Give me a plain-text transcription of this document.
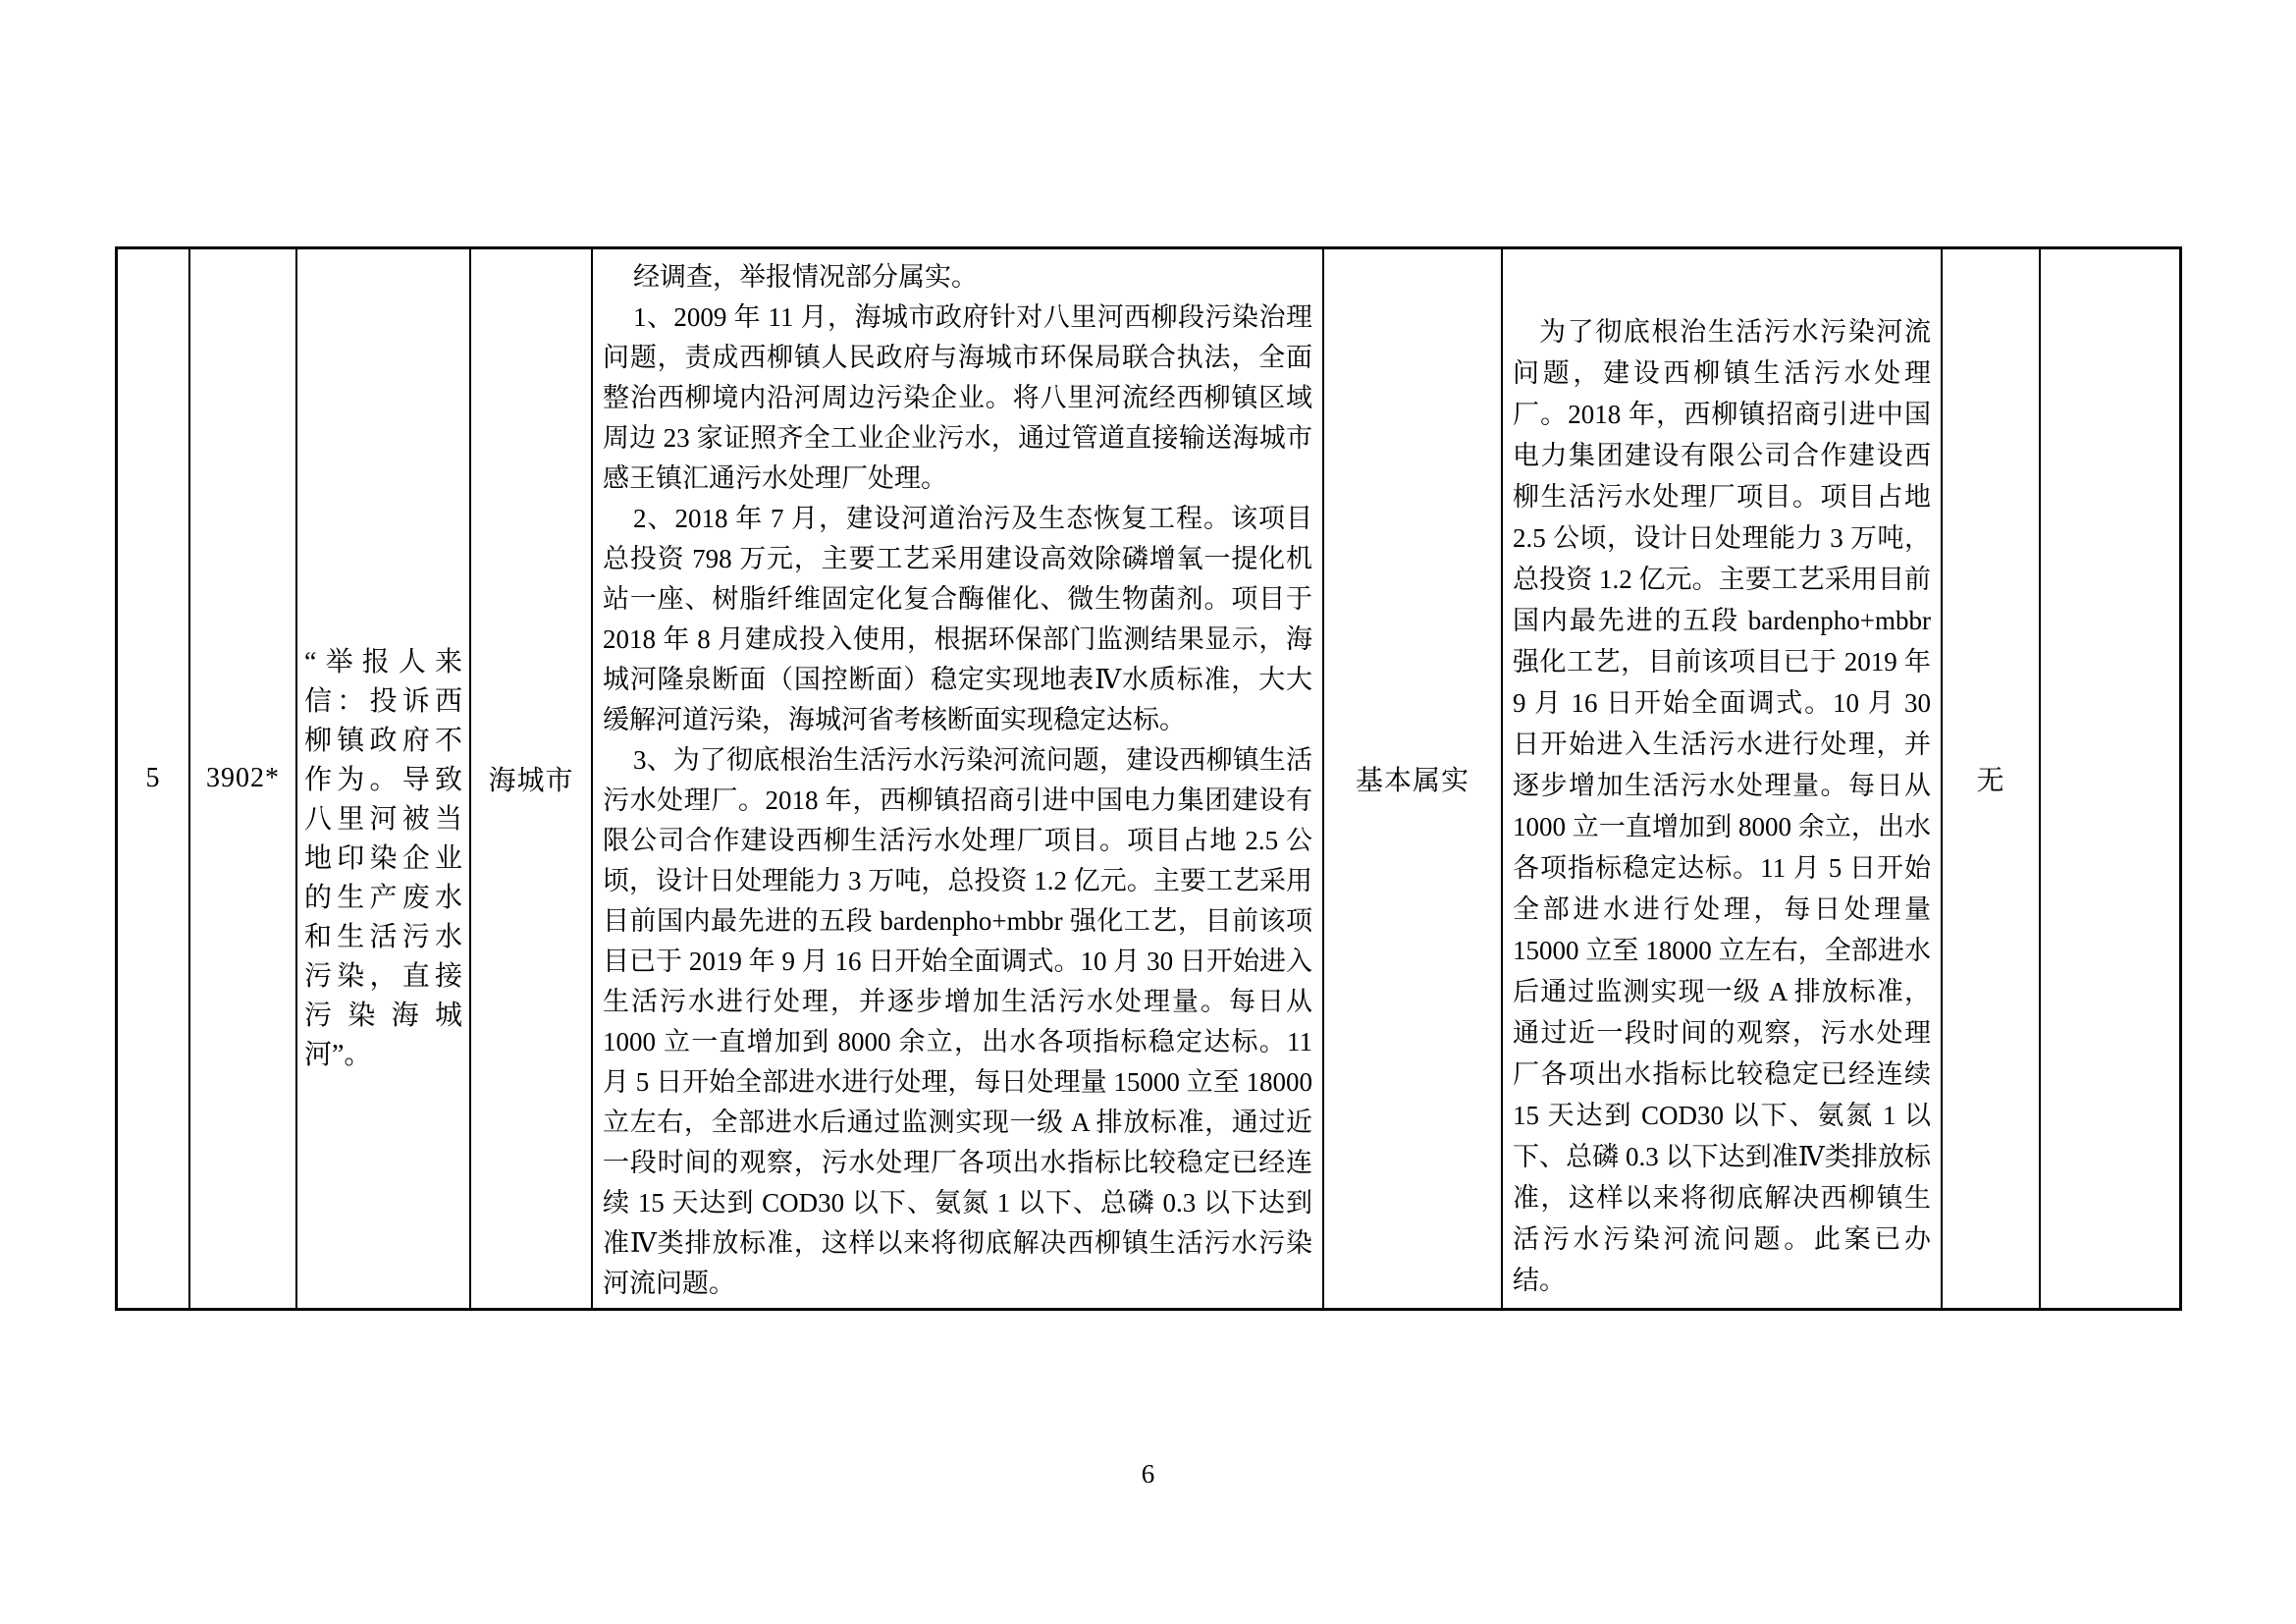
5 3902*

“举报人来信：投诉西柳镇政府不作为。导致八里河被当地印染企业的生产废水和生活污水污染，直接污染海城河”。

海城市

经调查，举报情况部分属实。

1、2009 年 11 月，海城市政府针对八里河西柳段污染治理问题，责成西柳镇人民政府与海城市环保局联合执法，全面整治西柳境内沿河周边污染企业。将八里河流经西柳镇区域周边 23 家证照齐全工业企业污水，通过管道直接输送海城市感王镇汇通污水处理厂处理。

2、2018 年 7 月，建设河道治污及生态恢复工程。该项目总投资 798 万元，主要工艺采用建设高效除磷增氧一提化机站一座、树脂纤维固定化复合酶催化、微生物菌剂。项目于 2018 年 8 月建成投入使用，根据环保部门监测结果显示，海城河隆泉断面（国控断面）稳定实现地表Ⅳ水质标准，大大缓解河道污染，海城河省考核断面实现稳定达标。

3、为了彻底根治生活污水污染河流问题，建设西柳镇生活污水处理厂。2018 年，西柳镇招商引进中国电力集团建设有限公司合作建设西柳生活污水处理厂项目。项目占地 2.5 公顷，设计日处理能力 3 万吨，总投资 1.2 亿元。主要工艺采用目前国内最先进的五段 bardenpho+mbbr 强化工艺，目前该项目已于 2019 年 9 月 16 日开始全面调式。10 月 30 日开始进入生活污水进行处理，并逐步增加生活污水处理量。每日从 1000 立一直增加到 8000 余立，出水各项指标稳定达标。11 月 5 日开始全部进水进行处理，每日处理量 15000 立至 18000 立左右，全部进水后通过监测实现一级 A 排放标准，通过近一段时间的观察，污水处理厂各项出水指标比较稳定已经连续 15 天达到 COD30 以下、氨氮 1 以下、总磷 0.3 以下达到准Ⅳ类排放标准，这样以来将彻底解决西柳镇生活污水污染河流问题。

基本属实

为了彻底根治生活污水污染河流问题，建设西柳镇生活污水处理厂。2018 年，西柳镇招商引进中国电力集团建设有限公司合作建设西柳生活污水处理厂项目。项目占地 2.5 公顷，设计日处理能力 3 万吨，总投资 1.2 亿元。主要工艺采用目前国内最先进的五段 bardenpho+mbbr 强化工艺，目前该项目已于 2019 年 9 月 16 日开始全面调式。10 月 30 日开始进入生活污水进行处理，并逐步增加生活污水处理量。每日从 1000 立一直增加到 8000 余立，出水各项指标稳定达标。11 月 5 日开始全部进水进行处理，每日处理量 15000 立至 18000 立左右，全部进水后通过监测实现一级 A 排放标准，通过近一段时间的观察，污水处理厂各项出水指标比较稳定已经连续 15 天达到 COD30 以下、氨氮 1 以下、总磷 0.3 以下达到准Ⅳ类排放标准，这样以来将彻底解决西柳镇生活污水污染河流问题。此案已办结。

无
6
